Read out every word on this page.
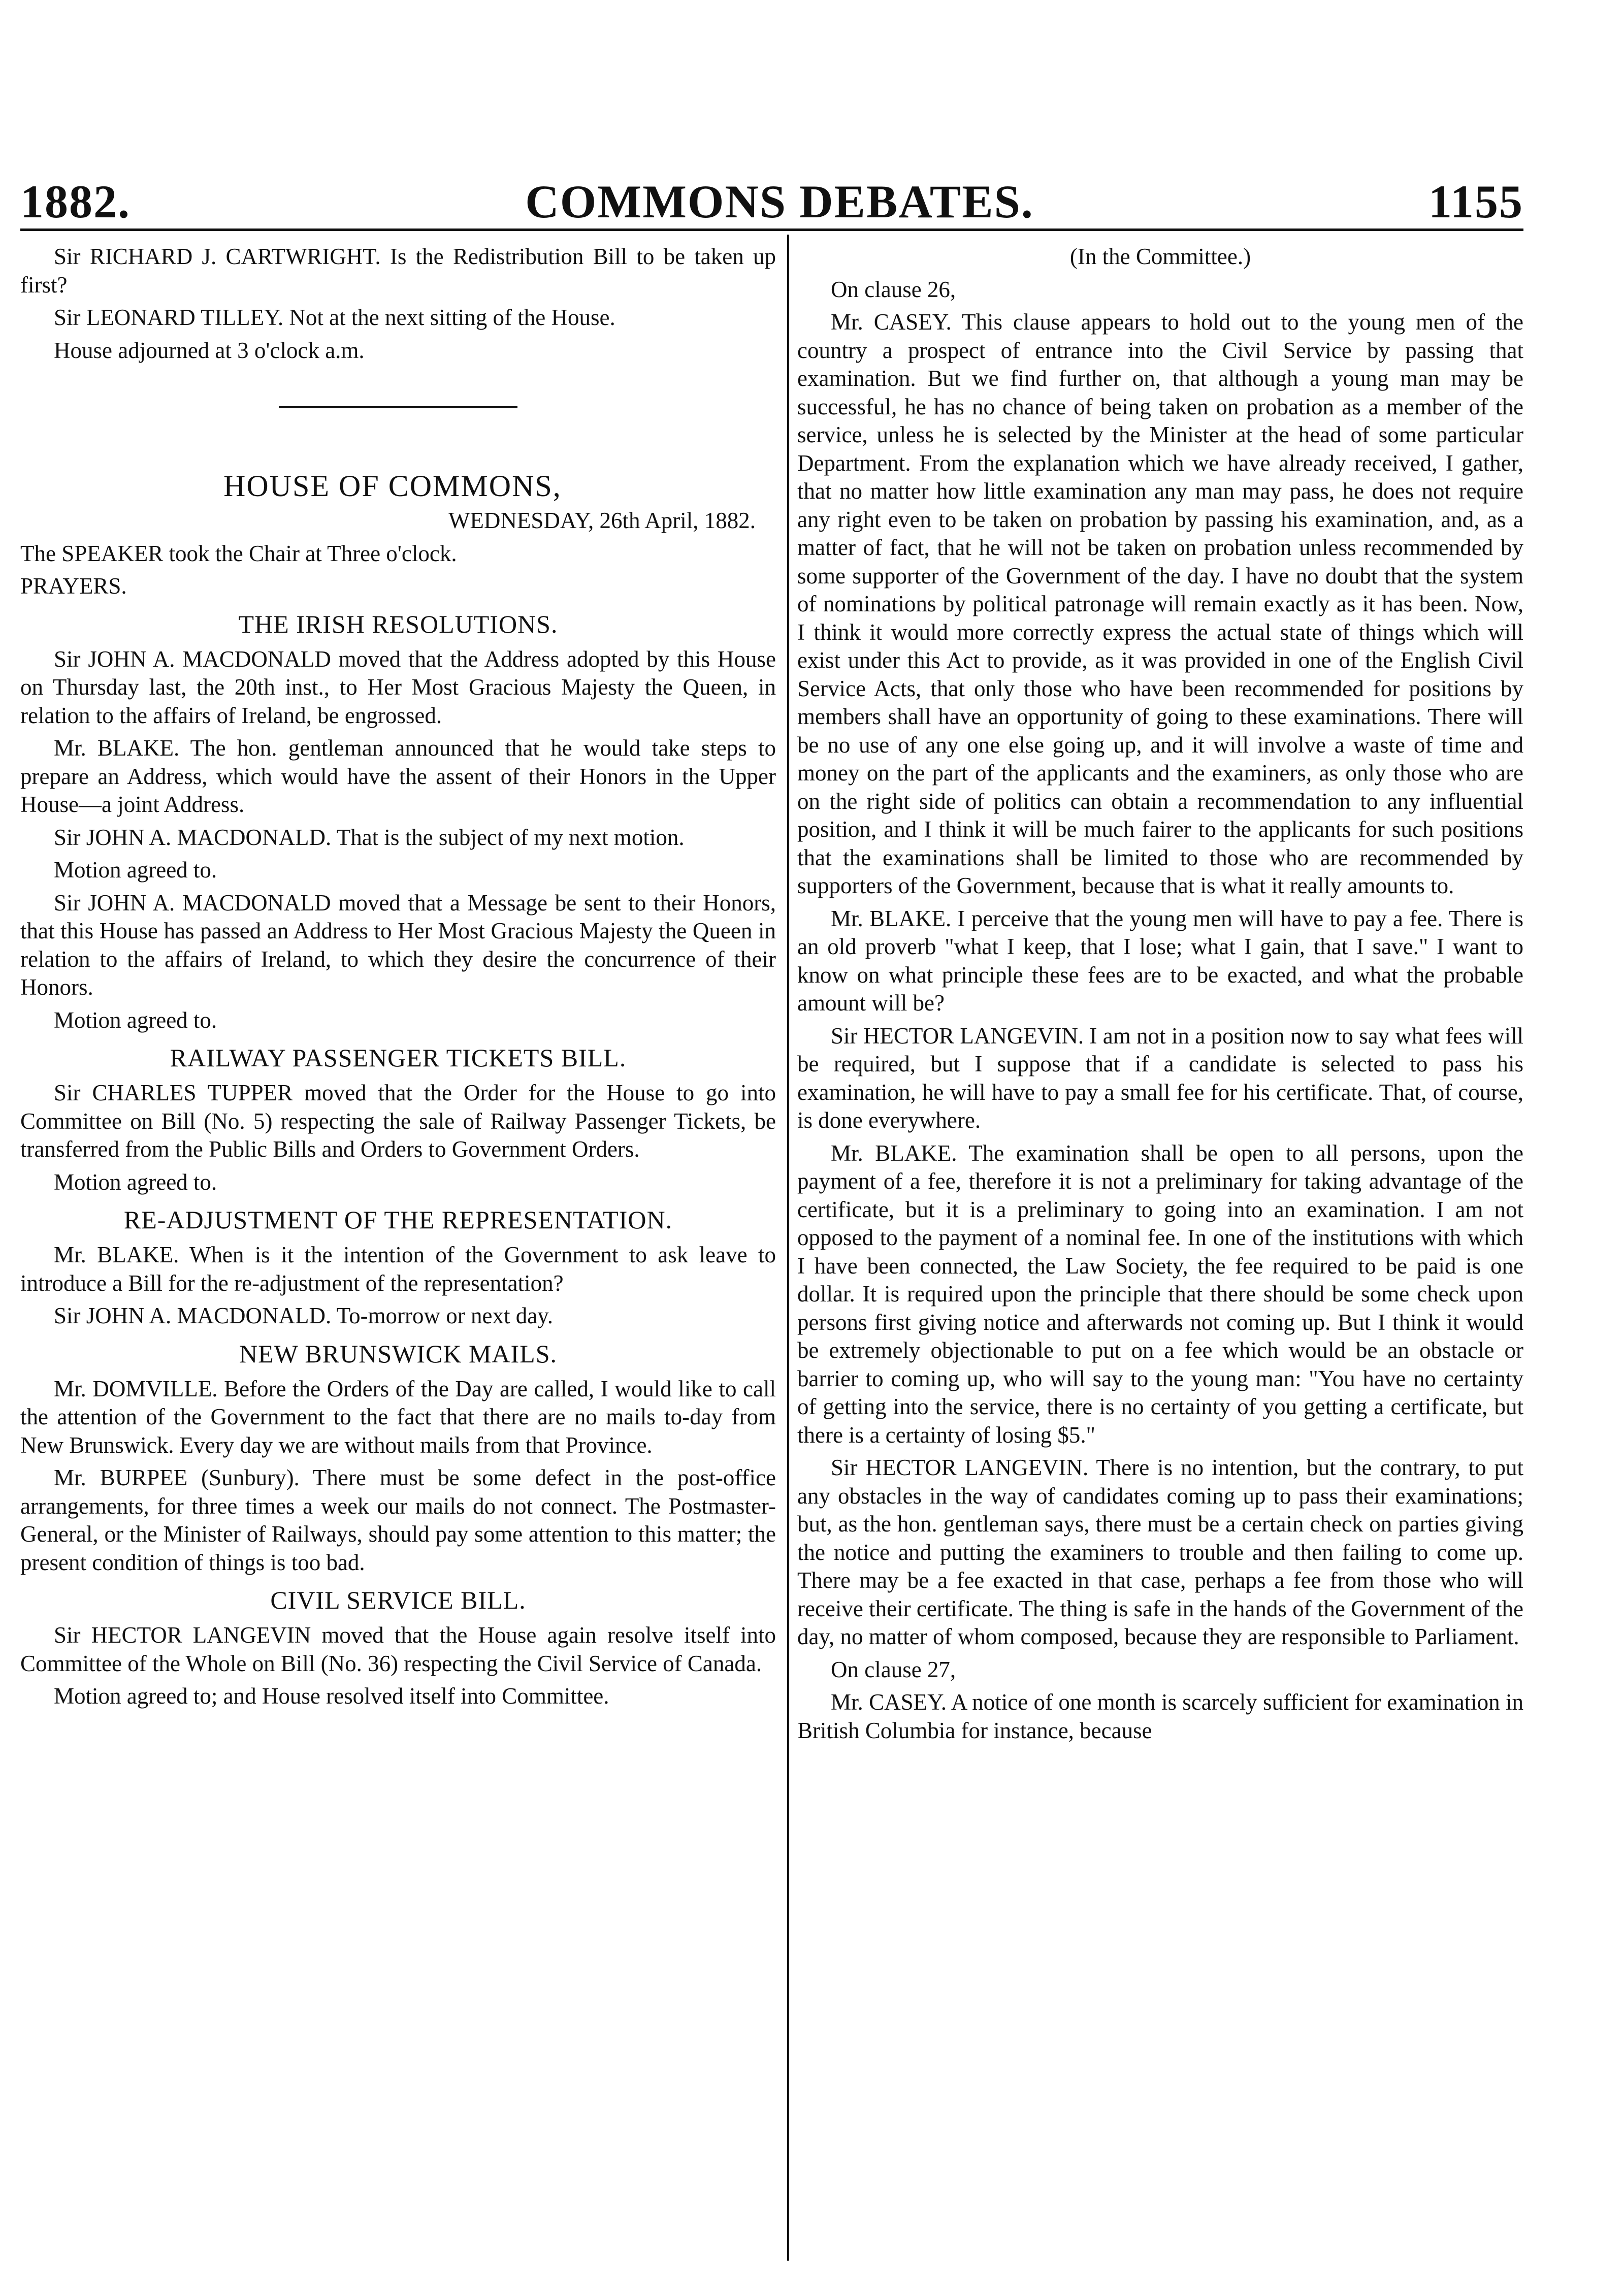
1882.	COMMONS DEBATES.	1155

Sir RICHARD J. CARTWRIGHT. Is the Redistribution Bill to be taken up first?

Sir LEONARD TILLEY. Not at the next sitting of the House.

House adjourned at 3 o'clock a.m.

HOUSE OF COMMONS,

WEDNESDAY, 26th April, 1882.

The SPEAKER took the Chair at Three o'clock.

PRAYERS.

THE IRISH RESOLUTIONS.

Sir JOHN A. MACDONALD moved that the Address adopted by this House on Thursday last, the 20th inst., to Her Most Gracious Majesty the Queen, in relation to the affairs of Ireland, be engrossed.

Mr. BLAKE. The hon. gentleman announced that he would take steps to prepare an Address, which would have the assent of their Honors in the Upper House—a joint Address.

Sir JOHN A. MACDONALD. That is the subject of my next motion.

Motion agreed to.

Sir JOHN A. MACDONALD moved that a Message be sent to their Honors, that this House has passed an Address to Her Most Gracious Majesty the Queen in relation to the affairs of Ireland, to which they desire the concurrence of their Honors.

Motion agreed to.

RAILWAY PASSENGER TICKETS BILL.

Sir CHARLES TUPPER moved that the Order for the House to go into Committee on Bill (No. 5) respecting the sale of Railway Passenger Tickets, be transferred from the Public Bills and Orders to Government Orders.

Motion agreed to.

RE-ADJUSTMENT OF THE REPRESENTATION.

Mr. BLAKE. When is it the intention of the Government to ask leave to introduce a Bill for the re-adjustment of the representation?

Sir JOHN A. MACDONALD. To-morrow or next day.

NEW BRUNSWICK MAILS.

Mr. DOMVILLE. Before the Orders of the Day are called, I would like to call the attention of the Government to the fact that there are no mails to-day from New Brunswick. Every day we are without mails from that Province.

Mr. BURPEE (Sunbury). There must be some defect in the post-office arrangements, for three times a week our mails do not connect. The Postmaster-General, or the Minister of Railways, should pay some attention to this matter; the present condition of things is too bad.

CIVIL SERVICE BILL.

Sir HECTOR LANGEVIN moved that the House again resolve itself into Committee of the Whole on Bill (No. 36) respecting the Civil Service of Canada.

Motion agreed to; and House resolved itself into Committee.

(In the Committee.)

On clause 26,

Mr. CASEY. This clause appears to hold out to the young men of the country a prospect of entrance into the Civil Service by passing that examination. But we find further on, that although a young man may be successful, he has no chance of being taken on probation as a member of the service, unless he is selected by the Minister at the head of some particular Department. From the explanation which we have already received, I gather, that no matter how little examination any man may pass, he does not require any right even to be taken on probation by passing his examination, and, as a matter of fact, that he will not be taken on probation unless recommended by some supporter of the Government of the day. I have no doubt that the system of nominations by political patronage will remain exactly as it has been. Now, I think it would more correctly express the actual state of things which will exist under this Act to provide, as it was provided in one of the English Civil Service Acts, that only those who have been recommended for positions by members shall have an opportunity of going to these examinations. There will be no use of any one else going up, and it will involve a waste of time and money on the part of the applicants and the examiners, as only those who are on the right side of politics can obtain a recommendation to any influential position, and I think it will be much fairer to the applicants for such positions that the examinations shall be limited to those who are recommended by supporters of the Government, because that is what it really amounts to.

Mr. BLAKE. I perceive that the young men will have to pay a fee. There is an old proverb "what I keep, that I lose; what I gain, that I save." I want to know on what principle these fees are to be exacted, and what the probable amount will be?

Sir HECTOR LANGEVIN. I am not in a position now to say what fees will be required, but I suppose that if a candidate is selected to pass his examination, he will have to pay a small fee for his certificate. That, of course, is done everywhere.

Mr. BLAKE. The examination shall be open to all persons, upon the payment of a fee, therefore it is not a preliminary for taking advantage of the certificate, but it is a preliminary to going into an examination. I am not opposed to the payment of a nominal fee. In one of the institutions with which I have been connected, the Law Society, the fee required to be paid is one dollar. It is required upon the principle that there should be some check upon persons first giving notice and afterwards not coming up. But I think it would be extremely objectionable to put on a fee which would be an obstacle or barrier to coming up, who will say to the young man: "You have no certainty of getting into the service, there is no certainty of you getting a certificate, but there is a certainty of losing $5."

Sir HECTOR LANGEVIN. There is no intention, but the contrary, to put any obstacles in the way of candidates coming up to pass their examinations; but, as the hon. gentleman says, there must be a certain check on parties giving the notice and putting the examiners to trouble and then failing to come up. There may be a fee exacted in that case, perhaps a fee from those who will receive their certificate. The thing is safe in the hands of the Government of the day, no matter of whom composed, because they are responsible to Parliament.

On clause 27,

Mr. CASEY. A notice of one month is scarcely sufficient for examination in British Columbia for instance, because
